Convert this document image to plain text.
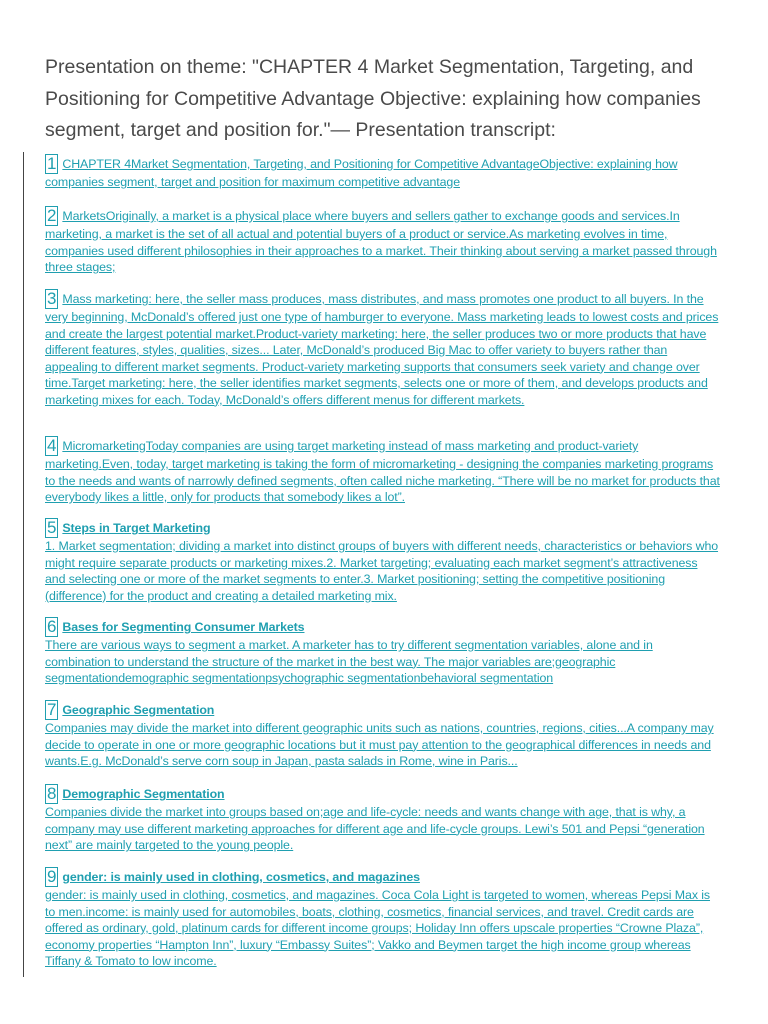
Presentation on theme: "CHAPTER 4 Market Segmentation, Targeting, and Positioning for Competitive Advantage Objective: explaining how companies segment, target and position for."— Presentation transcript:

1 CHAPTER 4Market Segmentation, Targeting, and Positioning for Competitive AdvantageObjective: explaining how companies segment, target and position for maximum competitive advantage

2 MarketsOriginally, a market is a physical place where buyers and sellers gather to exchange goods and services.In marketing, a market is the set of all actual and potential buyers of a product or service.As marketing evolves in time, companies used different philosophies in their approaches to a market. Their thinking about serving a market passed through three stages;

3 Mass marketing: here, the seller mass produces, mass distributes, and mass promotes one product to all buyers. In the very beginning, McDonald’s offered just one type of hamburger to everyone. Mass marketing leads to lowest costs and prices and create the largest potential market.Product-variety marketing: here, the seller produces two or more products that have different features, styles, qualities, sizes... Later, McDonald’s produced Big Mac to offer variety to buyers rather than appealing to different market segments. Product-variety marketing supports that consumers seek variety and change over time.Target marketing: here, the seller identifies market segments, selects one or more of them, and develops products and marketing mixes for each. Today, McDonald’s offers different menus for different markets.

4 MicromarketingToday companies are using target marketing instead of mass marketing and product-variety marketing.Even, today, target marketing is taking the form of micromarketing - designing the companies marketing programs to the needs and wants of narrowly defined segments, often called niche marketing. “There will be no market for products that everybody likes a little, only for products that somebody likes a lot”.

5 Steps in Target Marketing
1. Market segmentation; dividing a market into distinct groups of buyers with different needs, characteristics or behaviors who might require separate products or marketing mixes.2. Market targeting; evaluating each market segment’s attractiveness and selecting one or more of the market segments to enter.3. Market positioning; setting the competitive positioning (difference) for the product and creating a detailed marketing mix.

6 Bases for Segmenting Consumer Markets
There are various ways to segment a market. A marketer has to try different segmentation variables, alone and in combination to understand the structure of the market in the best way. The major variables are;geographic segmentationdemographic segmentationpsychographic segmentationbehavioral segmentation

7 Geographic Segmentation
Companies may divide the market into different geographic units such as nations, countries, regions, cities...A company may decide to operate in one or more geographic locations but it must pay attention to the geographical differences in needs and wants.E.g. McDonald’s serve corn soup in Japan, pasta salads in Rome, wine in Paris...

8 Demographic Segmentation
Companies divide the market into groups based on;age and life-cycle: needs and wants change with age, that is why, a company may use different marketing approaches for different age and life-cycle groups. Lewi’s 501 and Pepsi “generation next” are mainly targeted to the young people.

9 gender: is mainly used in clothing, cosmetics, and magazines
gender: is mainly used in clothing, cosmetics, and magazines. Coca Cola Light is targeted to women, whereas Pepsi Max is to men.income: is mainly used for automobiles, boats, clothing, cosmetics, financial services, and travel. Credit cards are offered as ordinary, gold, platinum cards for different income groups; Holiday Inn offers upscale properties “Crowne Plaza”, economy properties “Hampton Inn”, luxury “Embassy Suites”; Vakko and Beymen target the high income group whereas Tiffany & Tomato to low income.
